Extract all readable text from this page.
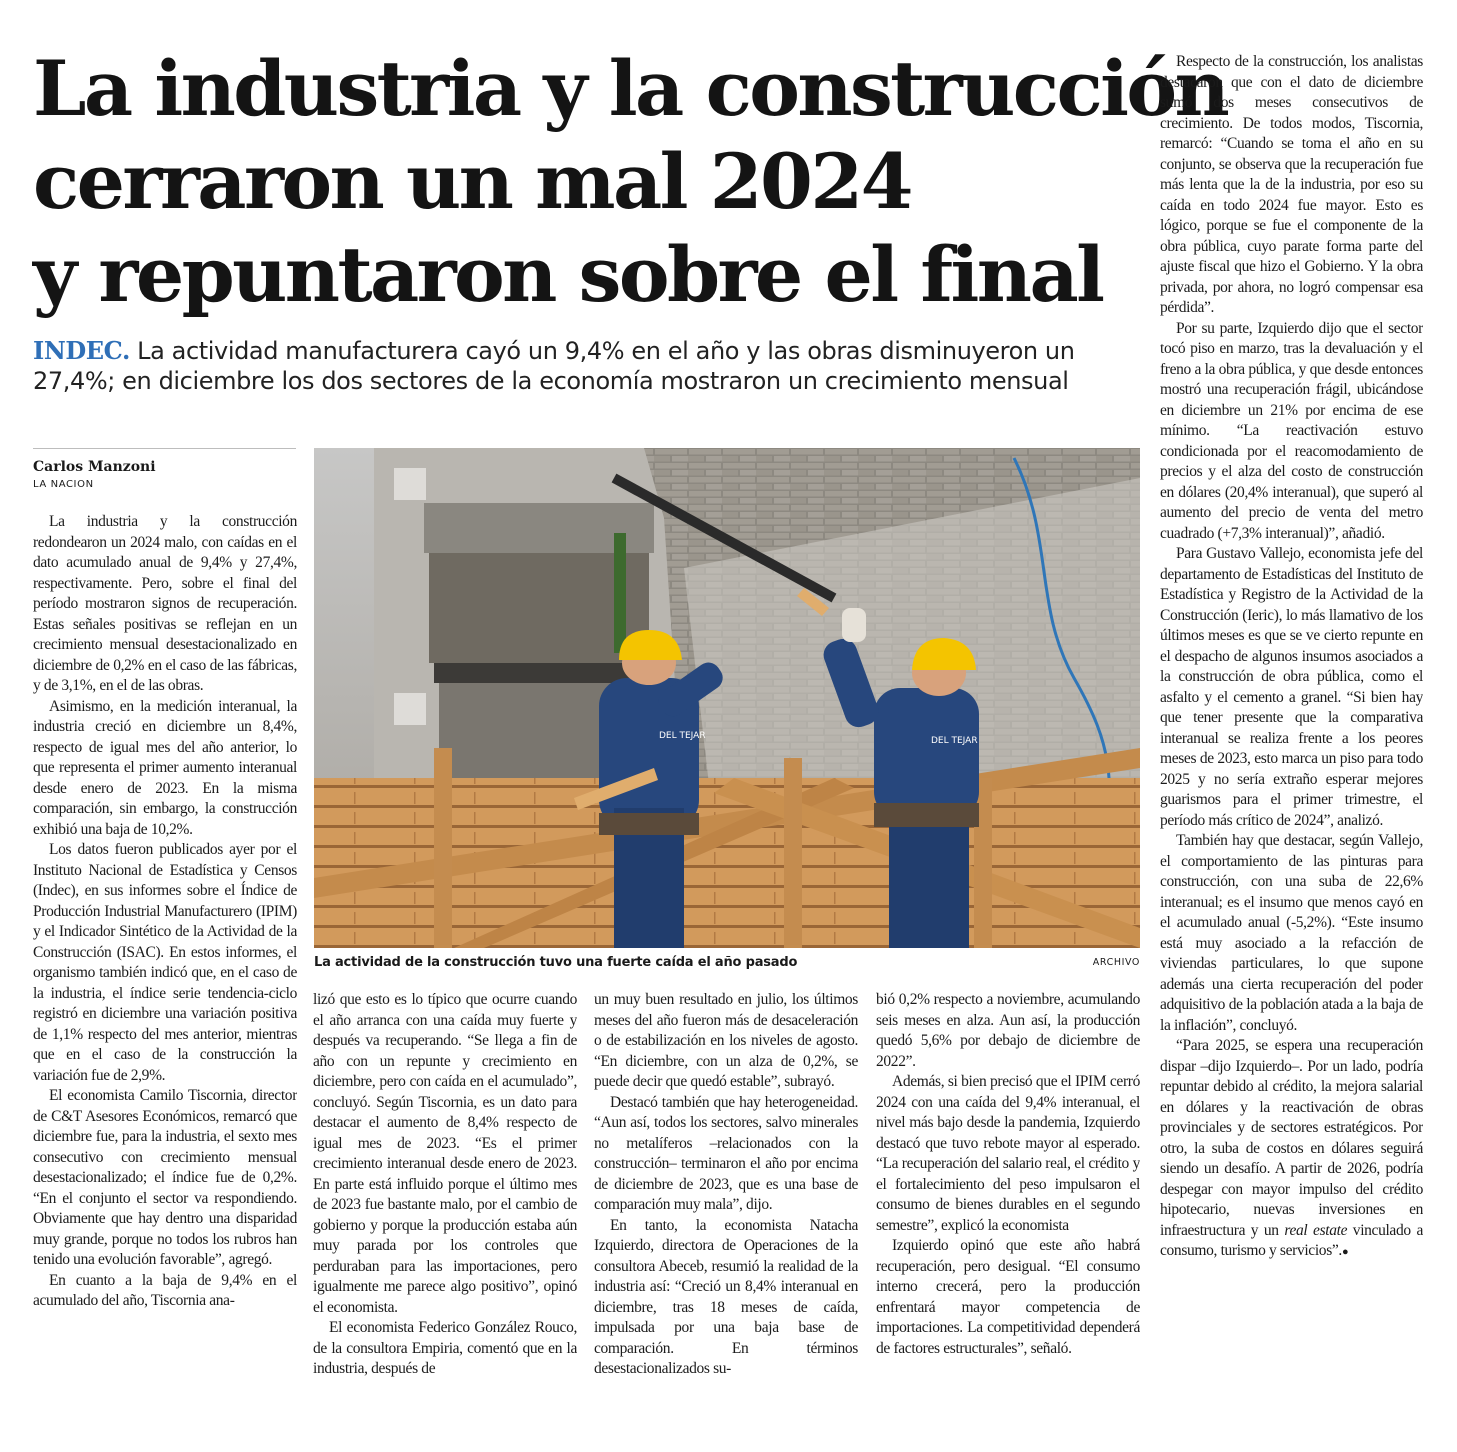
La industria y la construcción
cerraron un mal 2024
y repuntaron sobre el final
INDEC. La actividad manufacturera cayó un 9,4% en el año y las obras disminuyeron un 27,4%; en diciembre los dos sectores de la economía mostraron un crecimiento mensual
Carlos Manzoni
LA NACION

La industria y la construcción redondearon un 2024 malo, con caídas en el dato acumulado anual de 9,4% y 27,4%, respectivamente. Pero, sobre el final del período mostraron signos de recuperación. Estas señales positivas se reflejan en un crecimiento mensual desestacionalizado en diciembre de 0,2% en el caso de las fábricas, y de 3,1%, en el de las obras.

Asimismo, en la medición interanual, la industria creció en diciembre un 8,4%, respecto de igual mes del año anterior, lo que representa el primer aumento interanual desde enero de 2023. En la misma comparación, sin embargo, la construcción exhibió una baja de 10,2%.

Los datos fueron publicados ayer por el Instituto Nacional de Estadística y Censos (Indec), en sus informes sobre el Índice de Producción Industrial Manufacturero (IPIM) y el Indicador Sintético de la Actividad de la Construcción (ISAC). En estos informes, el organismo también indicó que, en el caso de la industria, el índice serie tendencia-ciclo registró en diciembre una variación positiva de 1,1% respecto del mes anterior, mientras que en el caso de la construcción la variación fue de 2,9%.

El economista Camilo Tiscornia, director de C&T Asesores Económicos, remarcó que diciembre fue, para la industria, el sexto mes consecutivo con crecimiento mensual desestacionalizado; el índice fue de 0,2%. “En el conjunto el sector va respondiendo. Obviamente que hay dentro una disparidad muy grande, porque no todos los rubros han tenido una evolución favorable”, agregó.

En cuanto a la baja de 9,4% en el acumulado del año, Tiscornia ana-

DEL TEJAR	DEL TEJAR
La actividad de la construcción tuvo una fuerte caída el año pasado	ARCHIVO

lizó que esto es lo típico que ocurre cuando el año arranca con una caída muy fuerte y después va recuperando. “Se llega a fin de año con un repunte y crecimiento en diciembre, pero con caída en el acumulado”, concluyó. Según Tiscornia, es un dato para destacar el aumento de 8,4% respecto de igual mes de 2023. “Es el primer crecimiento interanual desde enero de 2023. En parte está influido porque el último mes de 2023 fue bastante malo, por el cambio de gobierno y porque la producción estaba aún muy parada por los controles que perduraban para las importaciones, pero igualmente me parece algo positivo”, opinó el economista.

El economista Federico González Rouco, de la consultora Empiria, comentó que en la industria, después de

un muy buen resultado en julio, los últimos meses del año fueron más de desaceleración o de estabilización en los niveles de agosto. “En diciembre, con un alza de 0,2%, se puede decir que quedó estable”, subrayó.

Destacó también que hay heterogeneidad. “Aun así, todos los sectores, salvo minerales no metalíferos –relacionados con la construcción– terminaron el año por encima de diciembre de 2023, que es una base de comparación muy mala”, dijo.

En tanto, la economista Natacha Izquierdo, directora de Operaciones de la consultora Abeceb, resumió la realidad de la industria así: “Creció un 8,4% interanual en diciembre, tras 18 meses de caída, impulsada por una baja base de comparación. En términos desestacionalizados su-

bió 0,2% respecto a noviembre, acumulando seis meses en alza. Aun así, la producción quedó 5,6% por debajo de diciembre de 2022”.

Además, si bien precisó que el IPIM cerró 2024 con una caída del 9,4% interanual, el nivel más bajo desde la pandemia, Izquierdo destacó que tuvo rebote mayor al esperado. “La recuperación del salario real, el crédito y el fortalecimiento del peso impulsaron el consumo de bienes durables en el segundo semestre”, explicó la economista

Izquierdo opinó que este año habrá recuperación, pero desigual. “El consumo interno crecerá, pero la producción enfrentará mayor competencia de importaciones. La competitividad dependerá de factores estructurales”, señaló.

Respecto de la construcción, los analistas destacaron que con el dato de diciembre sumó dos meses consecutivos de crecimiento. De todos modos, Tiscornia, remarcó: “Cuando se toma el año en su conjunto, se observa que la recuperación fue más lenta que la de la industria, por eso su caída en todo 2024 fue mayor. Esto es lógico, porque se fue el componente de la obra pública, cuyo parate forma parte del ajuste fiscal que hizo el Gobierno. Y la obra privada, por ahora, no logró compensar esa pérdida”.

Por su parte, Izquierdo dijo que el sector tocó piso en marzo, tras la devaluación y el freno a la obra pública, y que desde entonces mostró una recuperación frágil, ubicándose en diciembre un 21% por encima de ese mínimo. “La reactivación estuvo condicionada por el reacomodamiento de precios y el alza del costo de construcción en dólares (20,4% interanual), que superó al aumento del precio de venta del metro cuadrado (+7,3% interanual)”, añadió.

Para Gustavo Vallejo, economista jefe del departamento de Estadísticas del Instituto de Estadística y Registro de la Actividad de la Construcción (Ieric), lo más llamativo de los últimos meses es que se ve cierto repunte en el despacho de algunos insumos asociados a la construcción de obra pública, como el asfalto y el cemento a granel. “Si bien hay que tener presente que la comparativa interanual se realiza frente a los peores meses de 2023, esto marca un piso para todo 2025 y no sería extraño esperar mejores guarismos para el primer trimestre, el período más crítico de 2024”, analizó.

También hay que destacar, según Vallejo, el comportamiento de las pinturas para construcción, con una suba de 22,6% interanual; es el insumo que menos cayó en el acumulado anual (-5,2%). “Este insumo está muy asociado a la refacción de viviendas particulares, lo que supone además una cierta recuperación del poder adquisitivo de la población atada a la baja de la inflación”, concluyó.

“Para 2025, se espera una recuperación dispar –dijo Izquierdo–. Por un lado, podría repuntar debido al crédito, la mejora salarial en dólares y la reactivación de obras provinciales y de sectores estratégicos. Por otro, la suba de costos en dólares seguirá siendo un desafío. A partir de 2026, podría despegar con mayor impulso del crédito hipotecario, nuevas inversiones en infraestructura y un real estate vinculado a consumo, turismo y servicios”.●
